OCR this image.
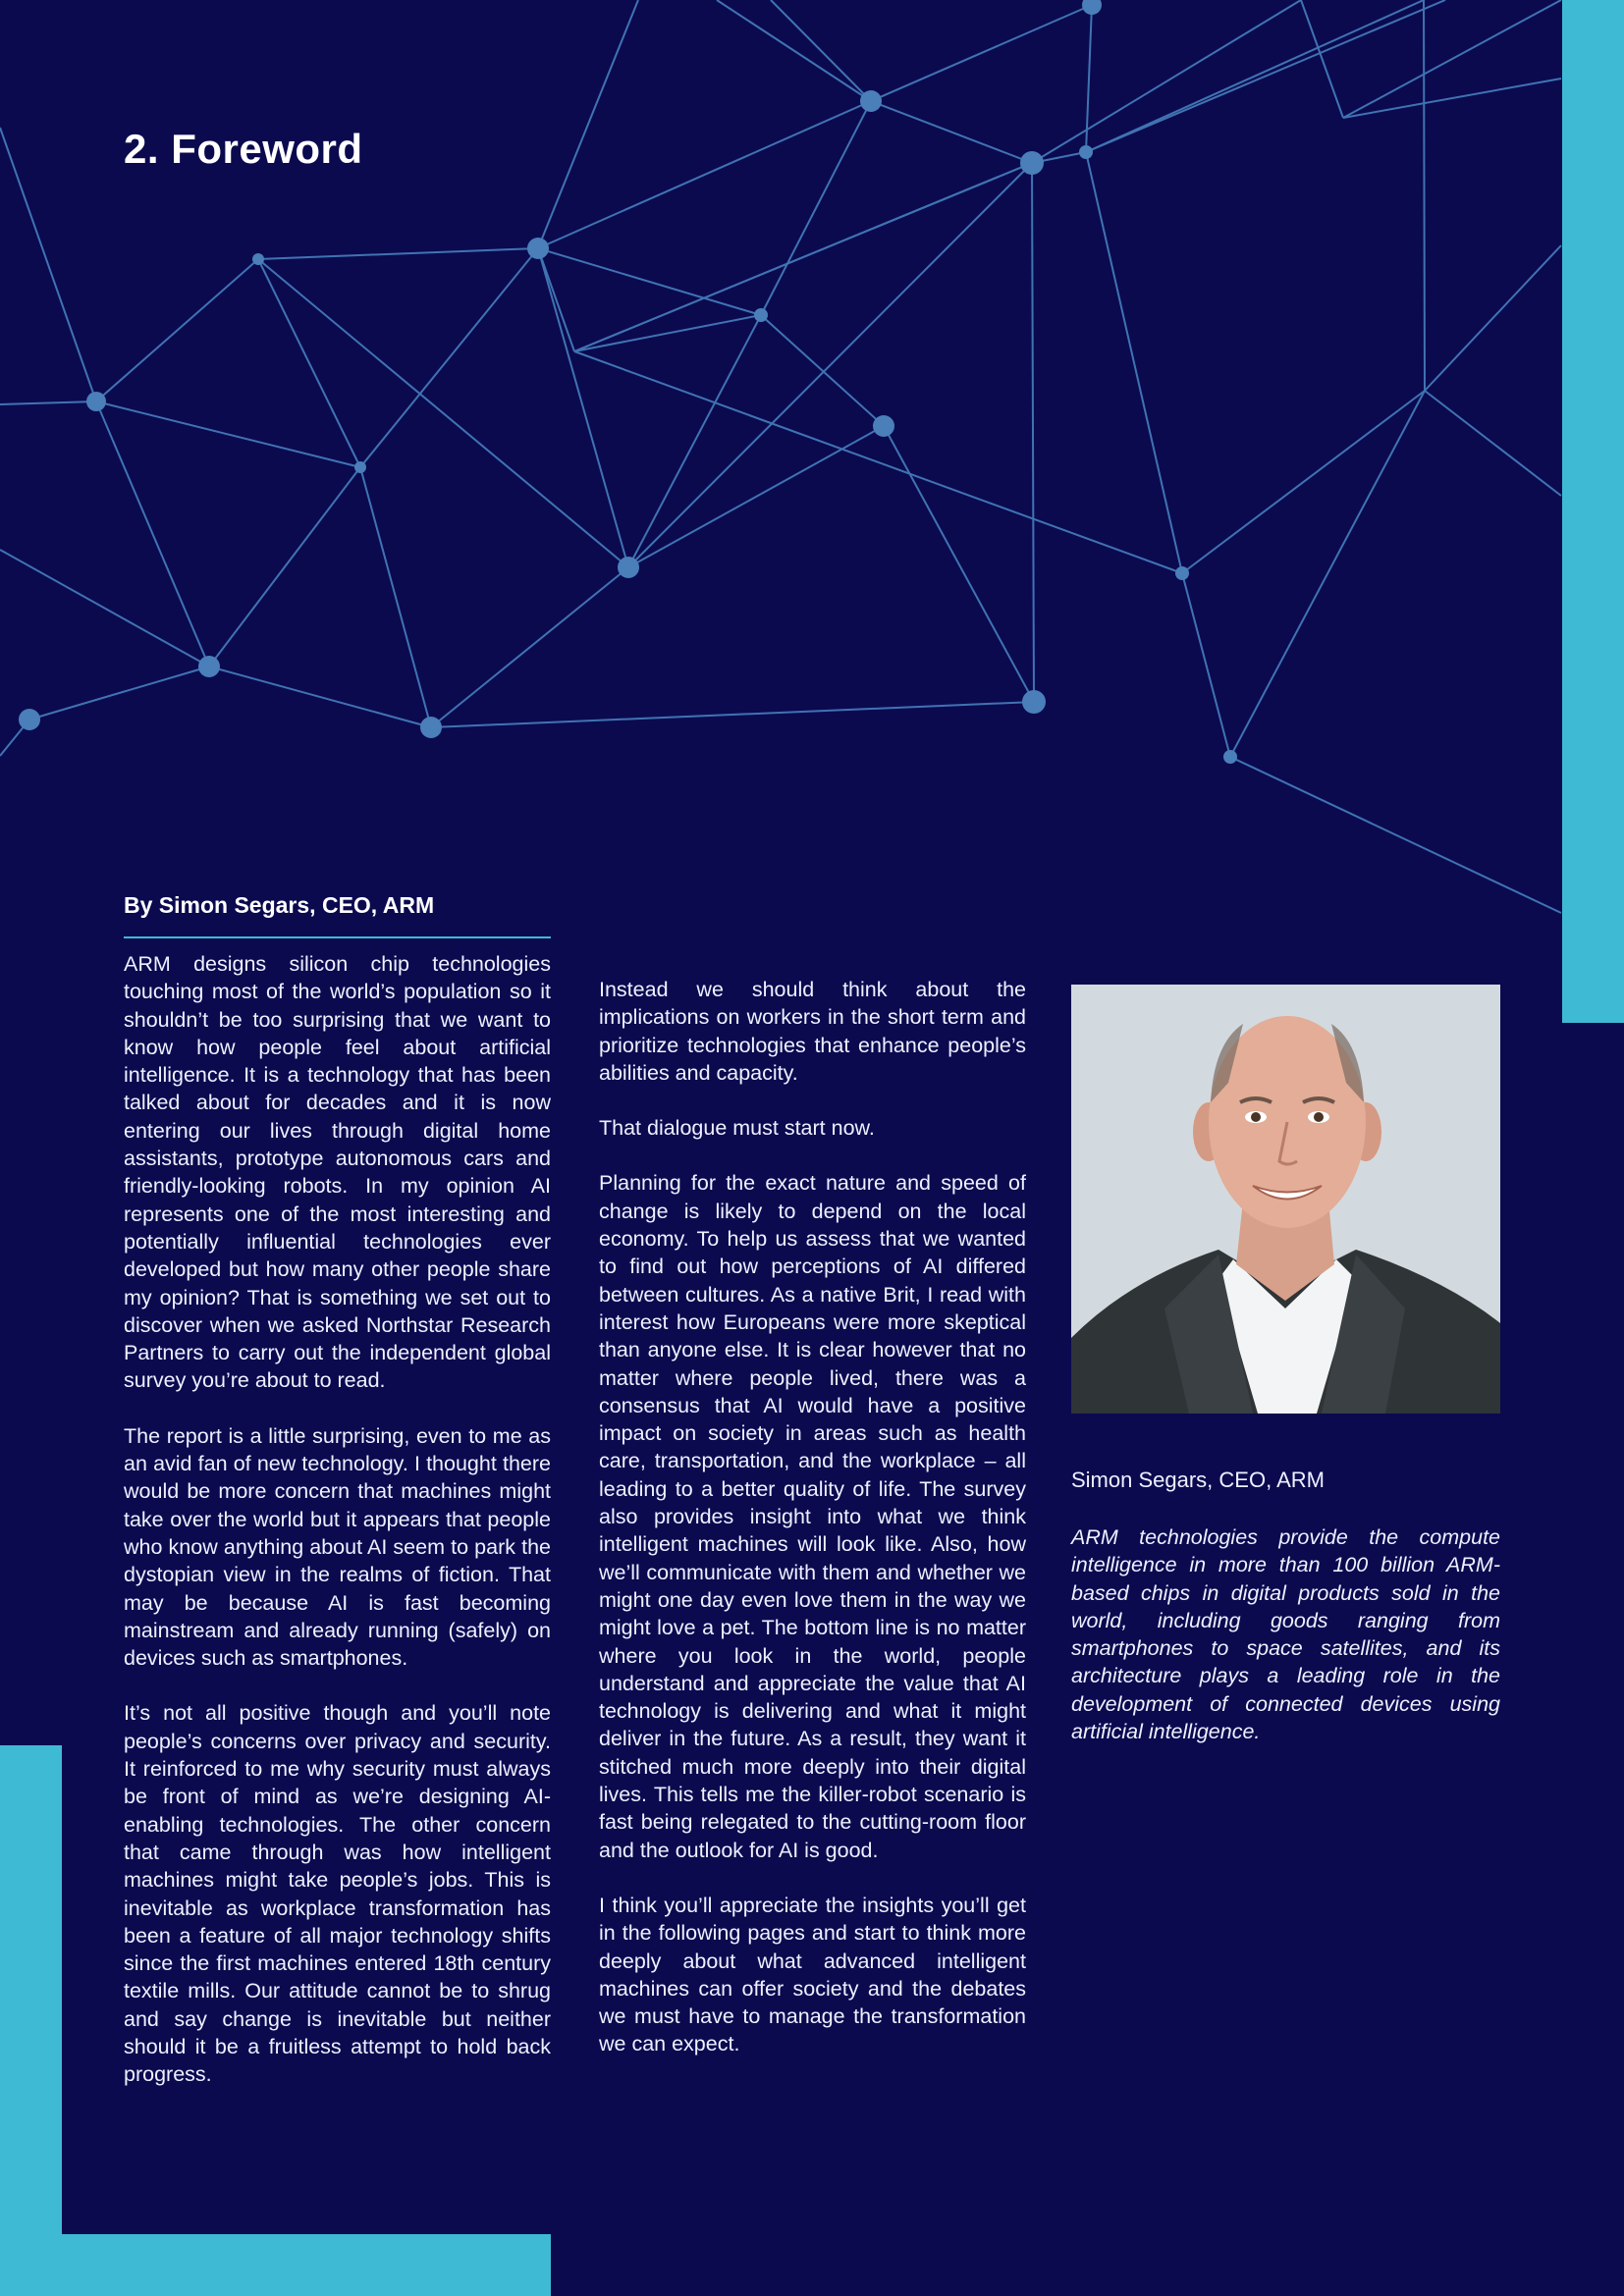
2. Foreword
By Simon Segars, CEO, ARM

ARM designs silicon chip technologies touching most of the world’s population so it shouldn’t be too surprising that we want to know how people feel about artificial intelligence. It is a technology that has been talked about for decades and it is now entering our lives through digital home assistants, prototype autonomous cars and friendly-looking robots. In my opinion AI represents one of the most interesting and potentially influential technologies ever developed but how many other people share my opinion? That is something we set out to discover when we asked Northstar Research Partners to carry out the independent global survey you’re about to read.

The report is a little surprising, even to me as an avid fan of new technology. I thought there would be more concern that machines might take over the world but it appears that people who know anything about AI seem to park the dystopian view in the realms of fiction. That may be because AI is fast becoming mainstream and already running (safely) on devices such as smartphones.

It’s not all positive though and you’ll note people’s concerns over privacy and security. It reinforced to me why security must always be front of mind as we’re designing AI-enabling technologies. The other concern that came through was how intelligent machines might take people’s jobs. This is inevitable as workplace transformation has been a feature of all major technology shifts since the first machines entered 18th century textile mills. Our attitude cannot be to shrug and say change is inevitable but neither should it be a fruitless attempt to hold back progress.

Instead we should think about the implications on workers in the short term and prioritize technologies that enhance people’s abilities and capacity.

That dialogue must start now.

Planning for the exact nature and speed of change is likely to depend on the local economy. To help us assess that we wanted to find out how perceptions of AI differed between cultures. As a native Brit, I read with interest how Europeans were more skeptical than anyone else. It is clear however that no matter where people lived, there was a consensus that AI would have a positive impact on society in areas such as health care, transportation, and the workplace – all leading to a better quality of life. The survey also provides insight into what we think intelligent machines will look like. Also, how we’ll communicate with them and whether we might one day even love them in the way we might love a pet. The bottom line is no matter where you look in the world, people understand and appreciate the value that AI technology is delivering and what it might deliver in the future. As a result, they want it stitched much more deeply into their digital lives. This tells me the killer-robot scenario is fast being relegated to the cutting-room floor and the outlook for AI is good.

I think you’ll appreciate the insights you’ll get in the following pages and start to think more deeply about what advanced intelligent machines can offer society and the debates we must have to manage the transformation we can expect.

Simon Segars, CEO, ARM
ARM technologies provide the compute intelligence in more than 100 billion ARM-based chips in digital products sold in the world, including goods ranging from smartphones to space satellites, and its architecture plays a leading role in the development of connected devices using artificial intelligence.
